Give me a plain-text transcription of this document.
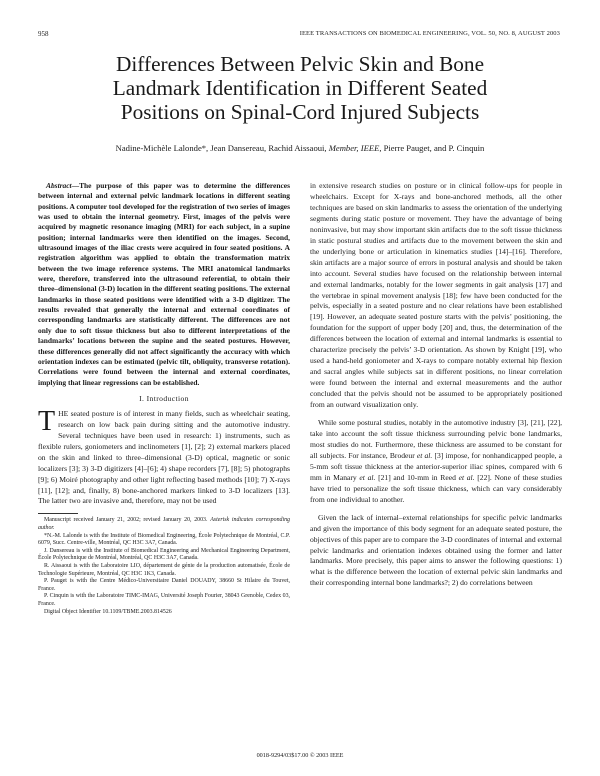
958	IEEE TRANSACTIONS ON BIOMEDICAL ENGINEERING, VOL. 50, NO. 8, AUGUST 2003
Differences Between Pelvic Skin and Bone
Landmark Identification in Different Seated
Positions on Spinal-Cord Injured Subjects
Nadine-Michèle Lalonde*, Jean Dansereau, Rachid Aissaoui, Member, IEEE, Pierre Pauget, and P. Cinquin

Abstract—The purpose of this paper was to determine the differences between internal and external pelvic landmark locations in different seating positions. A computer tool developed for the registration of two series of images was used to obtain the internal geometry. First, images of the pelvis were acquired by magnetic resonance imaging (MRI) for each subject, in a supine position; internal landmarks were then identified on the images. Second, ultrasound images of the iliac crests were acquired in four seated positions. A registration algorithm was applied to obtain the transformation matrix between the two image reference systems. The MRI anatomical landmarks were, therefore, transferred into the ultrasound referential, to obtain their three–dimensional (3-D) location in the different seating positions. The external landmarks in those seated positions were identified with a 3-D digitizer. The results revealed that generally the internal and external coordinates of corresponding landmarks are statistically different. The differences are not only due to soft tissue thickness but also to different interpretations of the landmarks’ locations between the supine and the seated postures. However, these differences generally did not affect significantly the accuracy with which orientation indexes can be estimated (pelvic tilt, obliquity, transverse rotation). Correlations were found between the internal and external coordinates, implying that linear regressions can be established.

I. Introduction

THE seated posture is of interest in many fields, such as wheelchair seating, research on low back pain during sitting and the automotive industry. Several techniques have been used in research: 1) instruments, such as flexible rulers, goniometers and inclinometers [1], [2]; 2) external markers placed on the skin and linked to three–dimensional (3-D) optical, magnetic or sonic localizers [3]; 3) 3-D digitizers [4]–[6]; 4) shape recorders [7], [8]; 5) photographs [9]; 6) Moiré photography and other light reflecting based methods [10]; 7) X-rays [11], [12]; and, finally, 8) bone-anchored markers linked to 3-D localizers [13]. The latter two are invasive and, therefore, may not be used

Manuscript received January 21, 2002; revised January 20, 2003. Asterisk indicates corresponding author.

*N.-M. Lalonde is with the Institute of Biomedical Engineering, École Polytechnique de Montréal, C.P. 6079, Succ. Centre-ville, Montréal, QC H3C 3A7, Canada.

J. Dansereau is with the Institute of Biomedical Engineering and Mechanical Engineering Department, École Polytechnique de Montréal, Montréal, QC H3C 3A7, Canada.

R. Aissaoui is with the Laboratoire LIO, département de génie de la production automatisée, École de Technologie Supérieure, Montréal, QC H3C 1K3, Canada.

P. Pauget is with the Centre Médico-Universitaire Daniel DOUADY, 38660 St Hilaire du Touvet, France.

P. Cinquin is with the Laboratoire TIMC-IMAG, Université Joseph Fourier, 38043 Grenoble, Cedex 03, France.

Digital Object Identifier 10.1109/TBME.2003.814526

in extensive research studies on posture or in clinical follow-ups for people in wheelchairs. Except for X-rays and bone-anchored methods, all the other techniques are based on skin landmarks to assess the orientation of the underlying segments during static posture or movement. They have the advantage of being noninvasive, but may show important skin artifacts due to the soft tissue thickness in static postural studies and artifacts due to the movement between the skin and the underlying bone or articulation in kinematics studies [14]–[16]. Therefore, skin artifacts are a major source of errors in postural analysis and should be taken into account. Several studies have focused on the relationship between internal and external landmarks, notably for the lower segments in gait analysis [17] and the vertebrae in spinal movement analysis [18]; few have been conducted for the pelvis, especially in a seated posture and no clear relations have been established [19]. However, an adequate seated posture starts with the pelvis’ positioning, the foundation for the support of upper body [20] and, thus, the determination of the differences between the location of external and internal landmarks is essential to characterize precisely the pelvis’ 3-D orientation. As shown by Knight [19], who used a hand-held goniometer and X-rays to compare notably external hip flexion and sacral angles while subjects sat in different positions, no linear correlation were found between the internal and external measurements and the author concluded that the pelvis should not be assumed to be appropriately positioned from an outward visualization only.

While some postural studies, notably in the automotive industry [3], [21], [22], take into account the soft tissue thickness surrounding pelvic bone landmarks, most studies do not. Furthermore, these thickness are assumed to be constant for all subjects. For instance, Brodeur et al. [3] impose, for nonhandicapped people, a 5-mm soft tissue thickness at the anterior-superior iliac spines, compared with 6 mm in Manary et al. [21] and 10-mm in Reed et al. [22]. None of these studies have tried to personalize the soft tissue thickness, which can vary considerably from one individual to another.

Given the lack of internal–external relationships for specific pelvic landmarks and given the importance of this body segment for an adequate seated posture, the objectives of this paper are to compare the 3-D coordinates of internal and external pelvic landmarks and orientation indexes obtained using the former and latter landmarks. More precisely, this paper aims to answer the following questions: 1) what is the difference between the location of external pelvic skin landmarks and their corresponding internal bone landmarks?; 2) do correlations between

0018-9294/03$17.00 © 2003 IEEE
